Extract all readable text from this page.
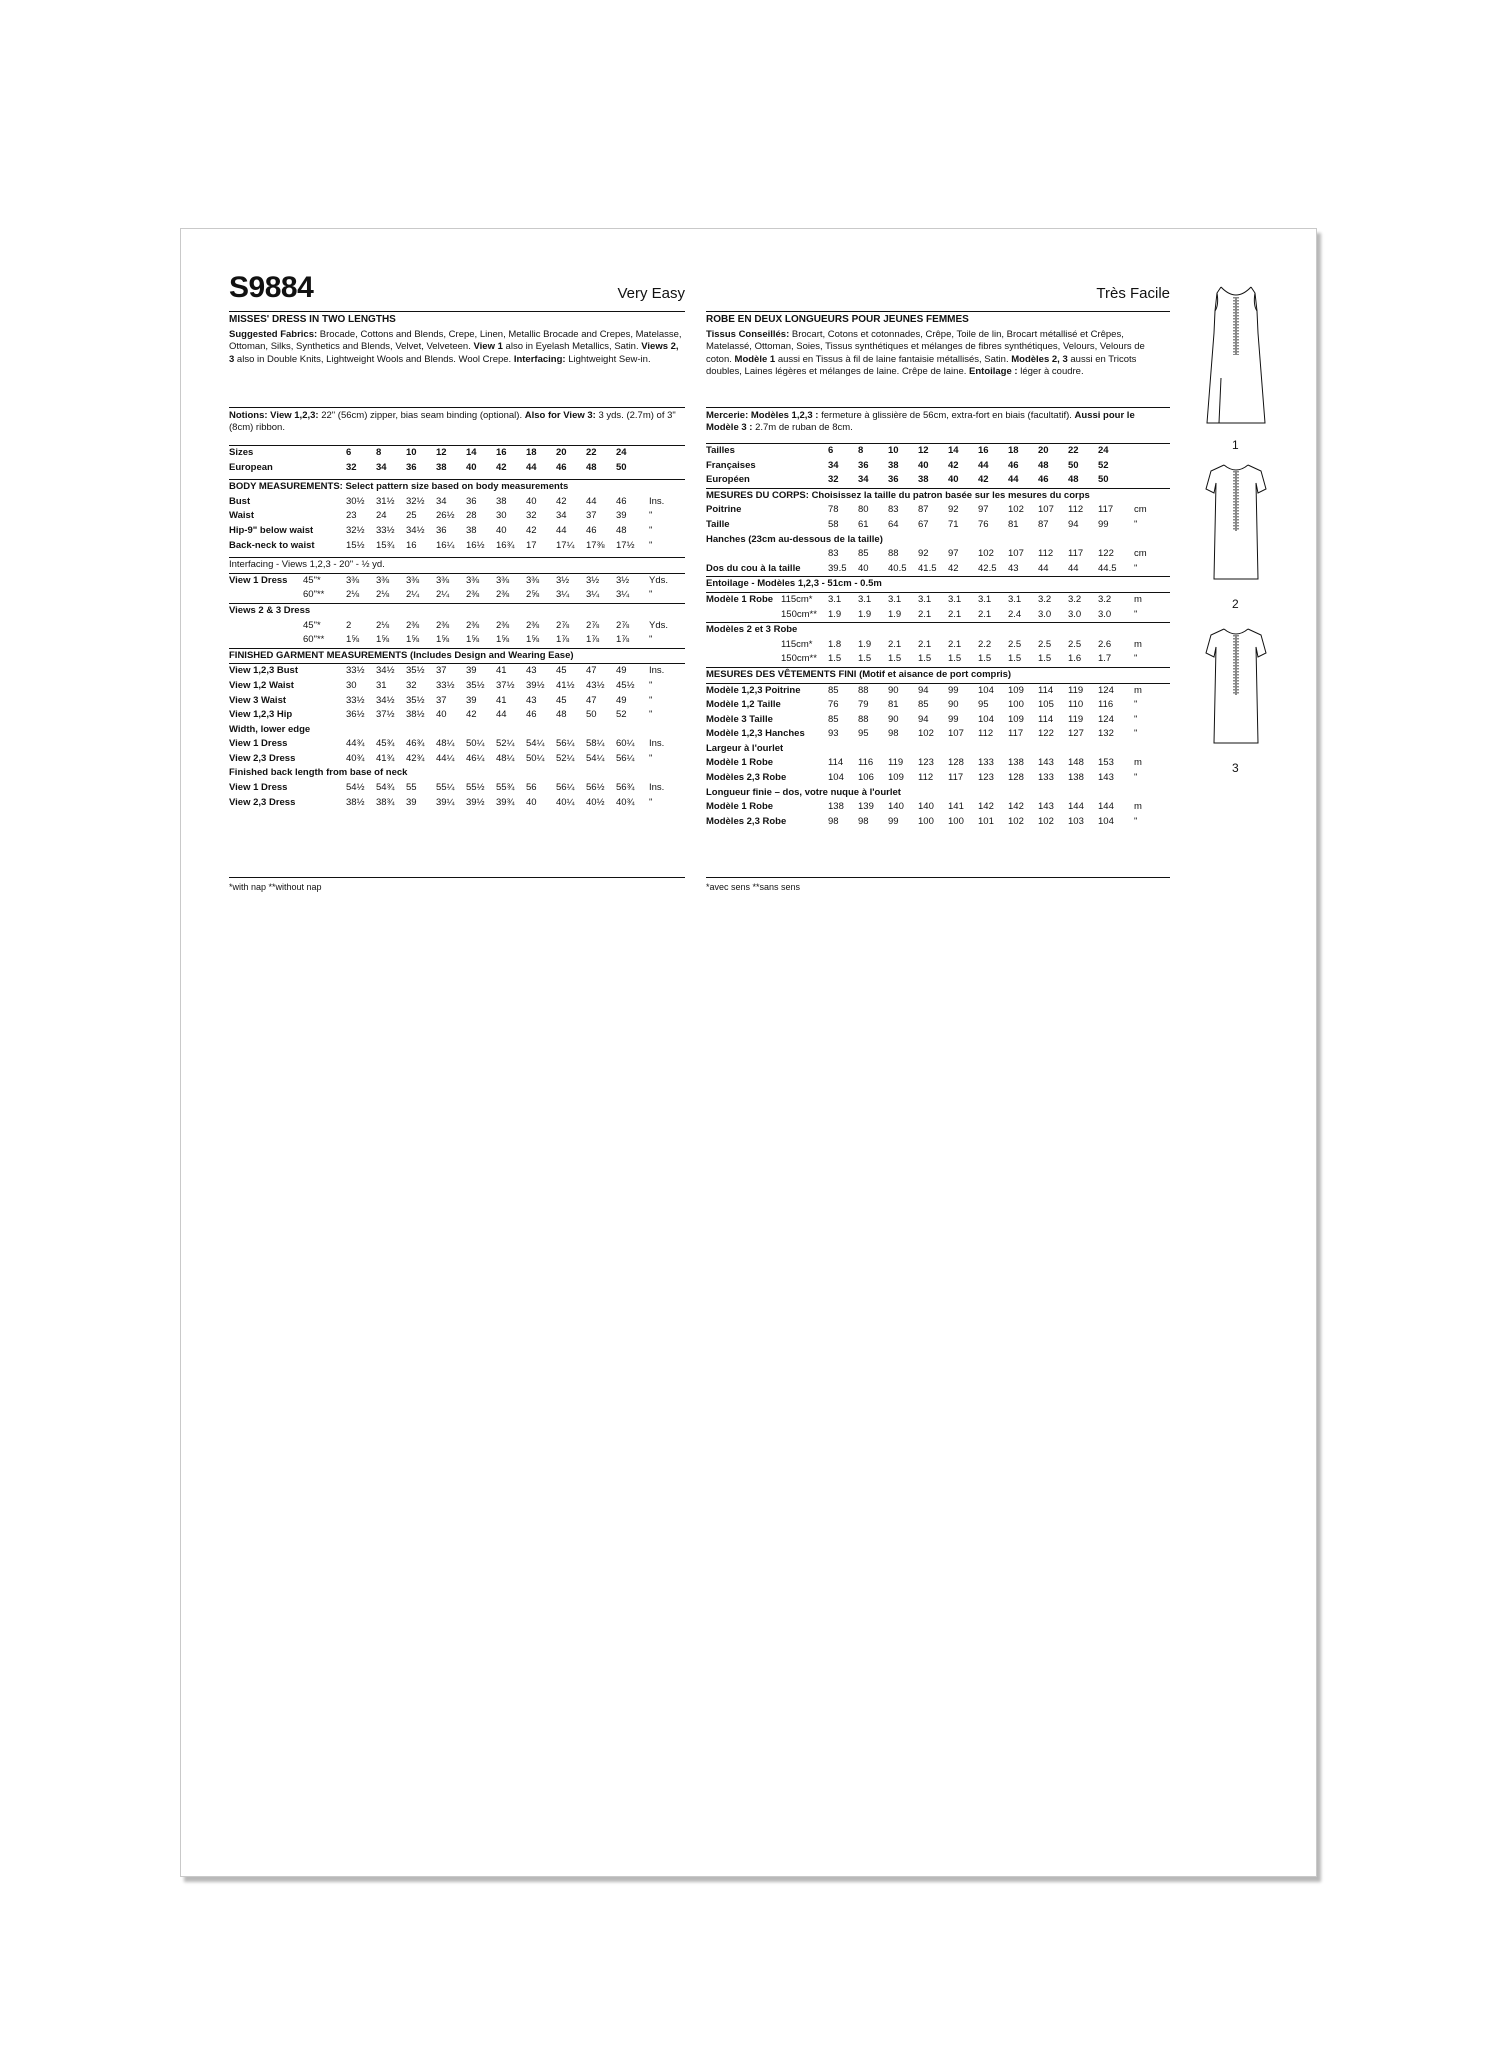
S9884	Very Easy
MISSES' DRESS IN TWO LENGTHS
Suggested Fabrics: Brocade, Cottons and Blends, Crepe, Linen, Metallic Brocade and Crepes, Matelasse, Ottoman, Silks, Synthetics and Blends, Velvet, Velveteen. View 1 also in Eyelash Metallics, Satin. Views 2, 3 also in Double Knits, Lightweight Wools and Blends. Wool Crepe. Interfacing: Lightweight Sew-in.
Notions: View 1,2,3: 22" (56cm) zipper, bias seam binding (optional). Also for View 3: 3 yds. (2.7m) of 3" (8cm) ribbon.
Sizes	6	8	10 12 14 16 18 20 22 24
European	32 34 36 38 40 42 44 46 48 50
BODY MEASUREMENTS: Select pattern size based on body measurements
Bust	30½ 31½ 32½ 34 36 38 40 42 44 46 Ins.
Waist	23 24 25 26½ 28 30 32 34 37 39 "
Hip-9" below waist	32½ 33½ 34½ 36 38 40 42 44 46 48 "
Back-neck to waist	15½ 15¾ 16 16¼ 16½ 16¾ 17 17¼ 17⅜ 17½ "
Interfacing - Views 1,2,3 - 20" - ½ yd.
View 1 Dress 45"*	3⅜ 3⅜ 3⅜ 3⅜ 3⅜ 3⅜ 3⅜ 3½ 3½ 3½ Yds.
60"** 2⅛ 2⅛ 2¼ 2¼ 2⅜ 2⅜ 2⅝ 3¼ 3¼ 3¼ "
Views 2 & 3 Dress
45"*	2	2⅛ 2⅜ 2⅜ 2⅜ 2⅜ 2⅜ 2⅞ 2⅞ 2⅞ Yds.
60"** 1⅝ 1⅝ 1⅝ 1⅝ 1⅝ 1⅝ 1⅝ 1⅞ 1⅞ 1⅞ "
FINISHED GARMENT MEASUREMENTS (Includes Design and Wearing Ease)
View 1,2,3 Bust	33½ 34½ 35½ 37 39 41 43 45 47 49 Ins.
View 1,2 Waist	30 31 32 33½ 35½ 37½ 39½ 41½ 43½ 45½ "
View 3 Waist	33½ 34½ 35½ 37 39 41 43 45 47 49 "
View 1,2,3 Hip	36½ 37½ 38½ 40 42 44 46 48 50 52 "
Width, lower edge
View 1 Dress	44¾ 45¾ 46¾ 48¼ 50¼ 52¼ 54¼ 56¼ 58¼ 60¼ Ins.
View 2,3 Dress	40¾ 41¾ 42¾ 44¼ 46¼ 48¼ 50¼ 52¼ 54¼ 56¼ "
Finished back length from base of neck
View 1 Dress	54½ 54¾ 55 55¼ 55½ 55¾ 56 56¼ 56½ 56¾ Ins.
View 2,3 Dress	38½ 38¾ 39 39¼ 39½ 39¾ 40 40¼ 40½ 40¾ "
*with nap **without nap
Très Facile
ROBE EN DEUX LONGUEURS POUR JEUNES FEMMES
Tissus Conseillés: Brocart, Cotons et cotonnades, Crêpe, Toile de lin, Brocart métallisé et Crêpes, Matelassé, Ottoman, Soies, Tissus synthétiques et mélanges de fibres synthétiques, Velours, Velours de coton. Modèle 1 aussi en Tissus à fil de laine fantaisie métallisés, Satin. Modèles 2, 3 aussi en Tricots doubles, Laines légères et mélanges de laine. Crêpe de laine. Entoilage : léger à coudre.
Mercerie: Modèles 1,2,3 : fermeture à glissière de 56cm, extra-fort en biais (facultatif). Aussi pour le Modèle 3 : 2.7m de ruban de 8cm.
Tailles	6	8	10 12 14 16 18 20 22 24
Françaises	34 36 38 40 42 44 46 48 50 52
Européen	32 34 36 38 40 42 44 46 48 50
MESURES DU CORPS: Choisissez la taille du patron basée sur les mesures du corps
Poitrine	78 80 83 87 92 97 102 107 112 117 cm
Taille	58 61 64 67 71 76 81 87 94 99	"
Hanches (23cm au-dessous de la taille)
83 85 88 92 97 102 107 112 117 122 cm
Dos du cou à la taille	39.5 40 40.5 41.5 42 42.5 43 44 44 44.5 "
Entoilage - Modèles 1,2,3 - 51cm - 0.5m
Modèle 1 Robe 115cm* 3.1 3.1 3.1 3.1 3.1 3.1 3.1 3.2 3.2 3.2 m
150cm** 1.9 1.9 1.9 2.1 2.1 2.1 2.4 3.0 3.0 3.0 "
Modèles 2 et 3 Robe
115cm* 1.8 1.9 2.1 2.1 2.1 2.2 2.5 2.5 2.5 2.6 m
150cm** 1.5 1.5 1.5 1.5 1.5 1.5 1.5 1.5 1.6 1.7 "
MESURES DES VÊTEMENTS FINI (Motif et aisance de port compris)
Modèle 1,2,3 Poitrine	85 88 90 94 99 104 109 114 119 124 m
Modèle 1,2 Taille	76 79 81 85 90 95 100 105 110 116 "
Modèle 3 Taille	85 88 90 94 99 104 109 114 119 124 "
Modèle 1,2,3 Hanches 93 95 98 102 107 112 117 122 127 132 "
Largeur à l'ourlet
Modèle 1 Robe	114 116 119 123 128 133 138 143 148 153 m
Modèles 2,3 Robe	104 106 109 112 117 123 128 133 138 143 "
Longueur finie – dos, votre nuque à l'ourlet
Modèle 1 Robe	138 139 140 140 141 142 142 143 144 144 m
Modèles 2,3 Robe	98 98 99 100 100 101 102 102 103 104 "
*avec sens **sans sens
1
2
3
